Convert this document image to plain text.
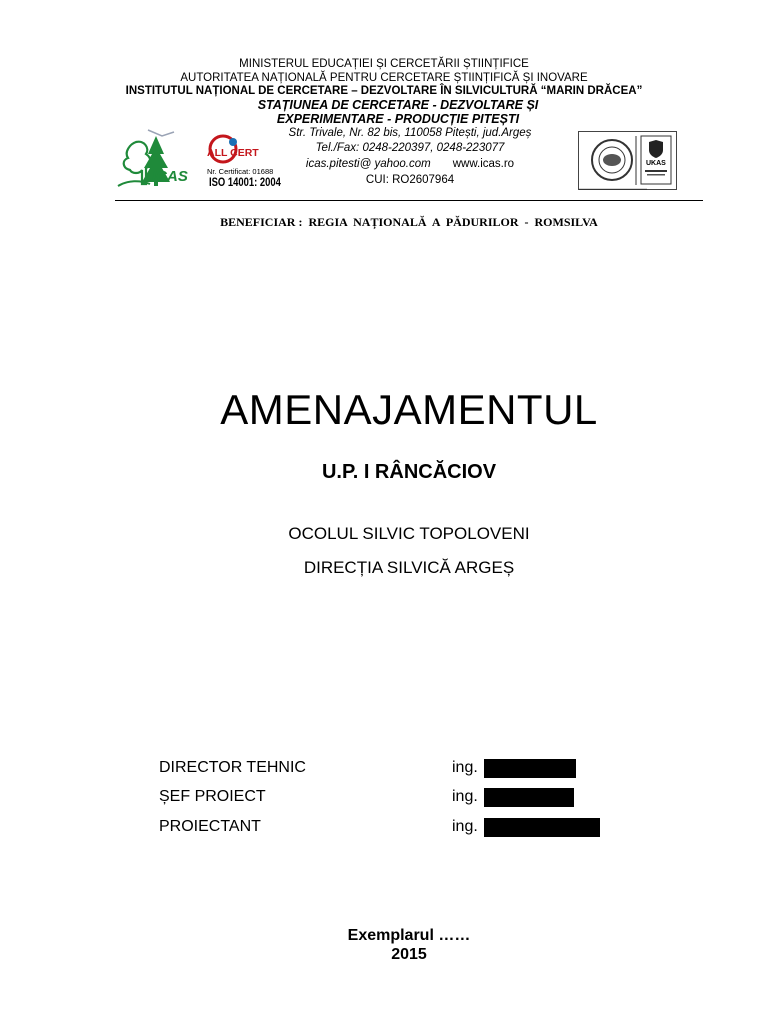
MINISTERUL EDUCAȚIEI ȘI CERCETĂRII ȘTIINȚIFICE
AUTORITATEA NAȚIONALĂ PENTRU CERCETARE ȘTIINȚIFICĂ ȘI INOVARE
INSTITUTUL NAȚIONAL DE CERCETARE – DEZVOLTARE ÎN SILVICULTURĂ “MARIN DRĂCEA”
STAȚIUNEA DE CERCETARE - DEZVOLTARE ȘI
EXPERIMENTARE - PRODUCȚIE PITEȘTI
Str. Trivale, Nr. 82 bis, 110058 Pitești, jud.Argeș
Tel./Fax: 0248-220397, 0248-223077
icas.pitesti@ yahoo.com www.icas.ro
CUI: RO2607964
ICAS
ALL CERT
Nr. Certificat: 01688
ISO 14001: 2004
UKAS
▬▬▬▬▬▬▬▬▬▬▬▬▬▬▬▬▬
BENEFICIAR :  REGIA  NAȚIONALĂ  A  PĂDURILOR  -  ROMSILVA
AMENAJAMENTUL
U.P. I RÂNCĂCIOV
OCOLUL SILVIC TOPOLOVENI
DIRECȚIA SILVICĂ ARGEȘ
DIRECTOR TEHNIC	ing.
ȘEF PROIECT	ing.
PROIECTANT	ing.
Exemplarul ……
2015
